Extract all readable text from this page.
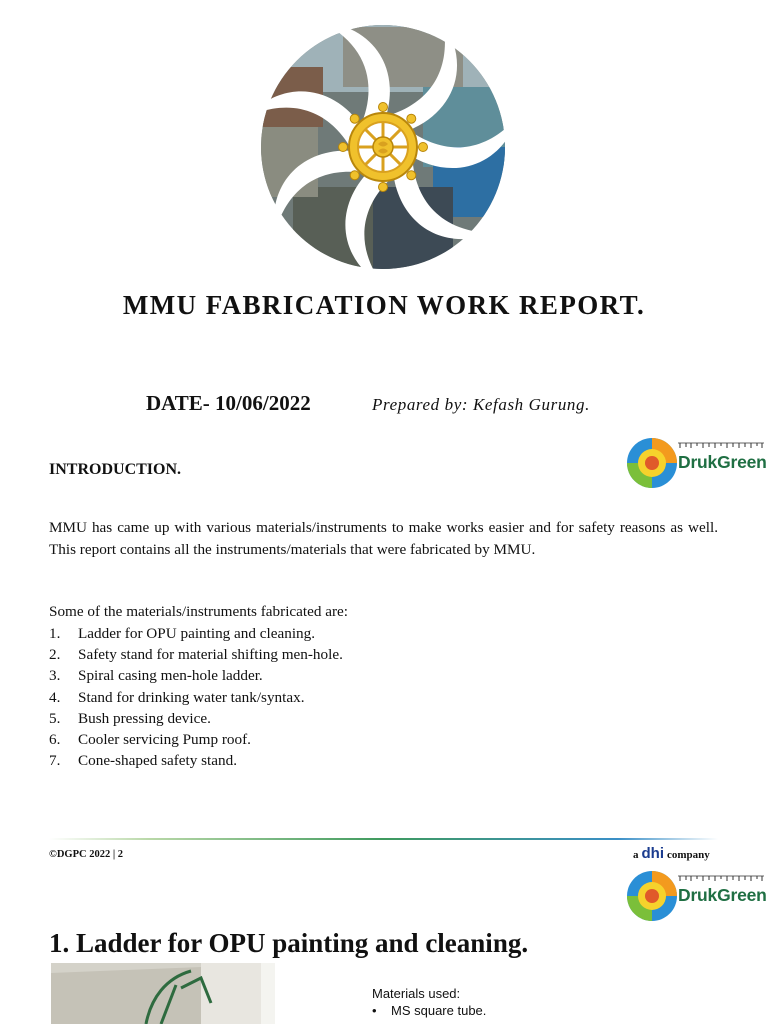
MMU FABRICATION WORK REPORT.
DATE- 10/06/2022	Prepared by: Kefash Gurung.
DrukGreen
INTRODUCTION.
MMU has came up with various materials/instruments to make works easier and for safety reasons as well. This report contains all the instruments/materials that were fabricated by MMU.
Some of the materials/instruments fabricated are:
1.	Ladder for OPU painting and cleaning.
2.	Safety stand for material shifting men-hole.
3.	Spiral casing men-hole ladder.
4.	Stand for drinking water tank/syntax.
5.	Bush pressing device.
6.	Cooler servicing Pump roof.
7.	Cone-shaped safety stand.
©DGPC 2022 | 2	a dhi company
DrukGreen
1. Ladder for OPU painting and cleaning.
Materials used:
•	MS square tube.
